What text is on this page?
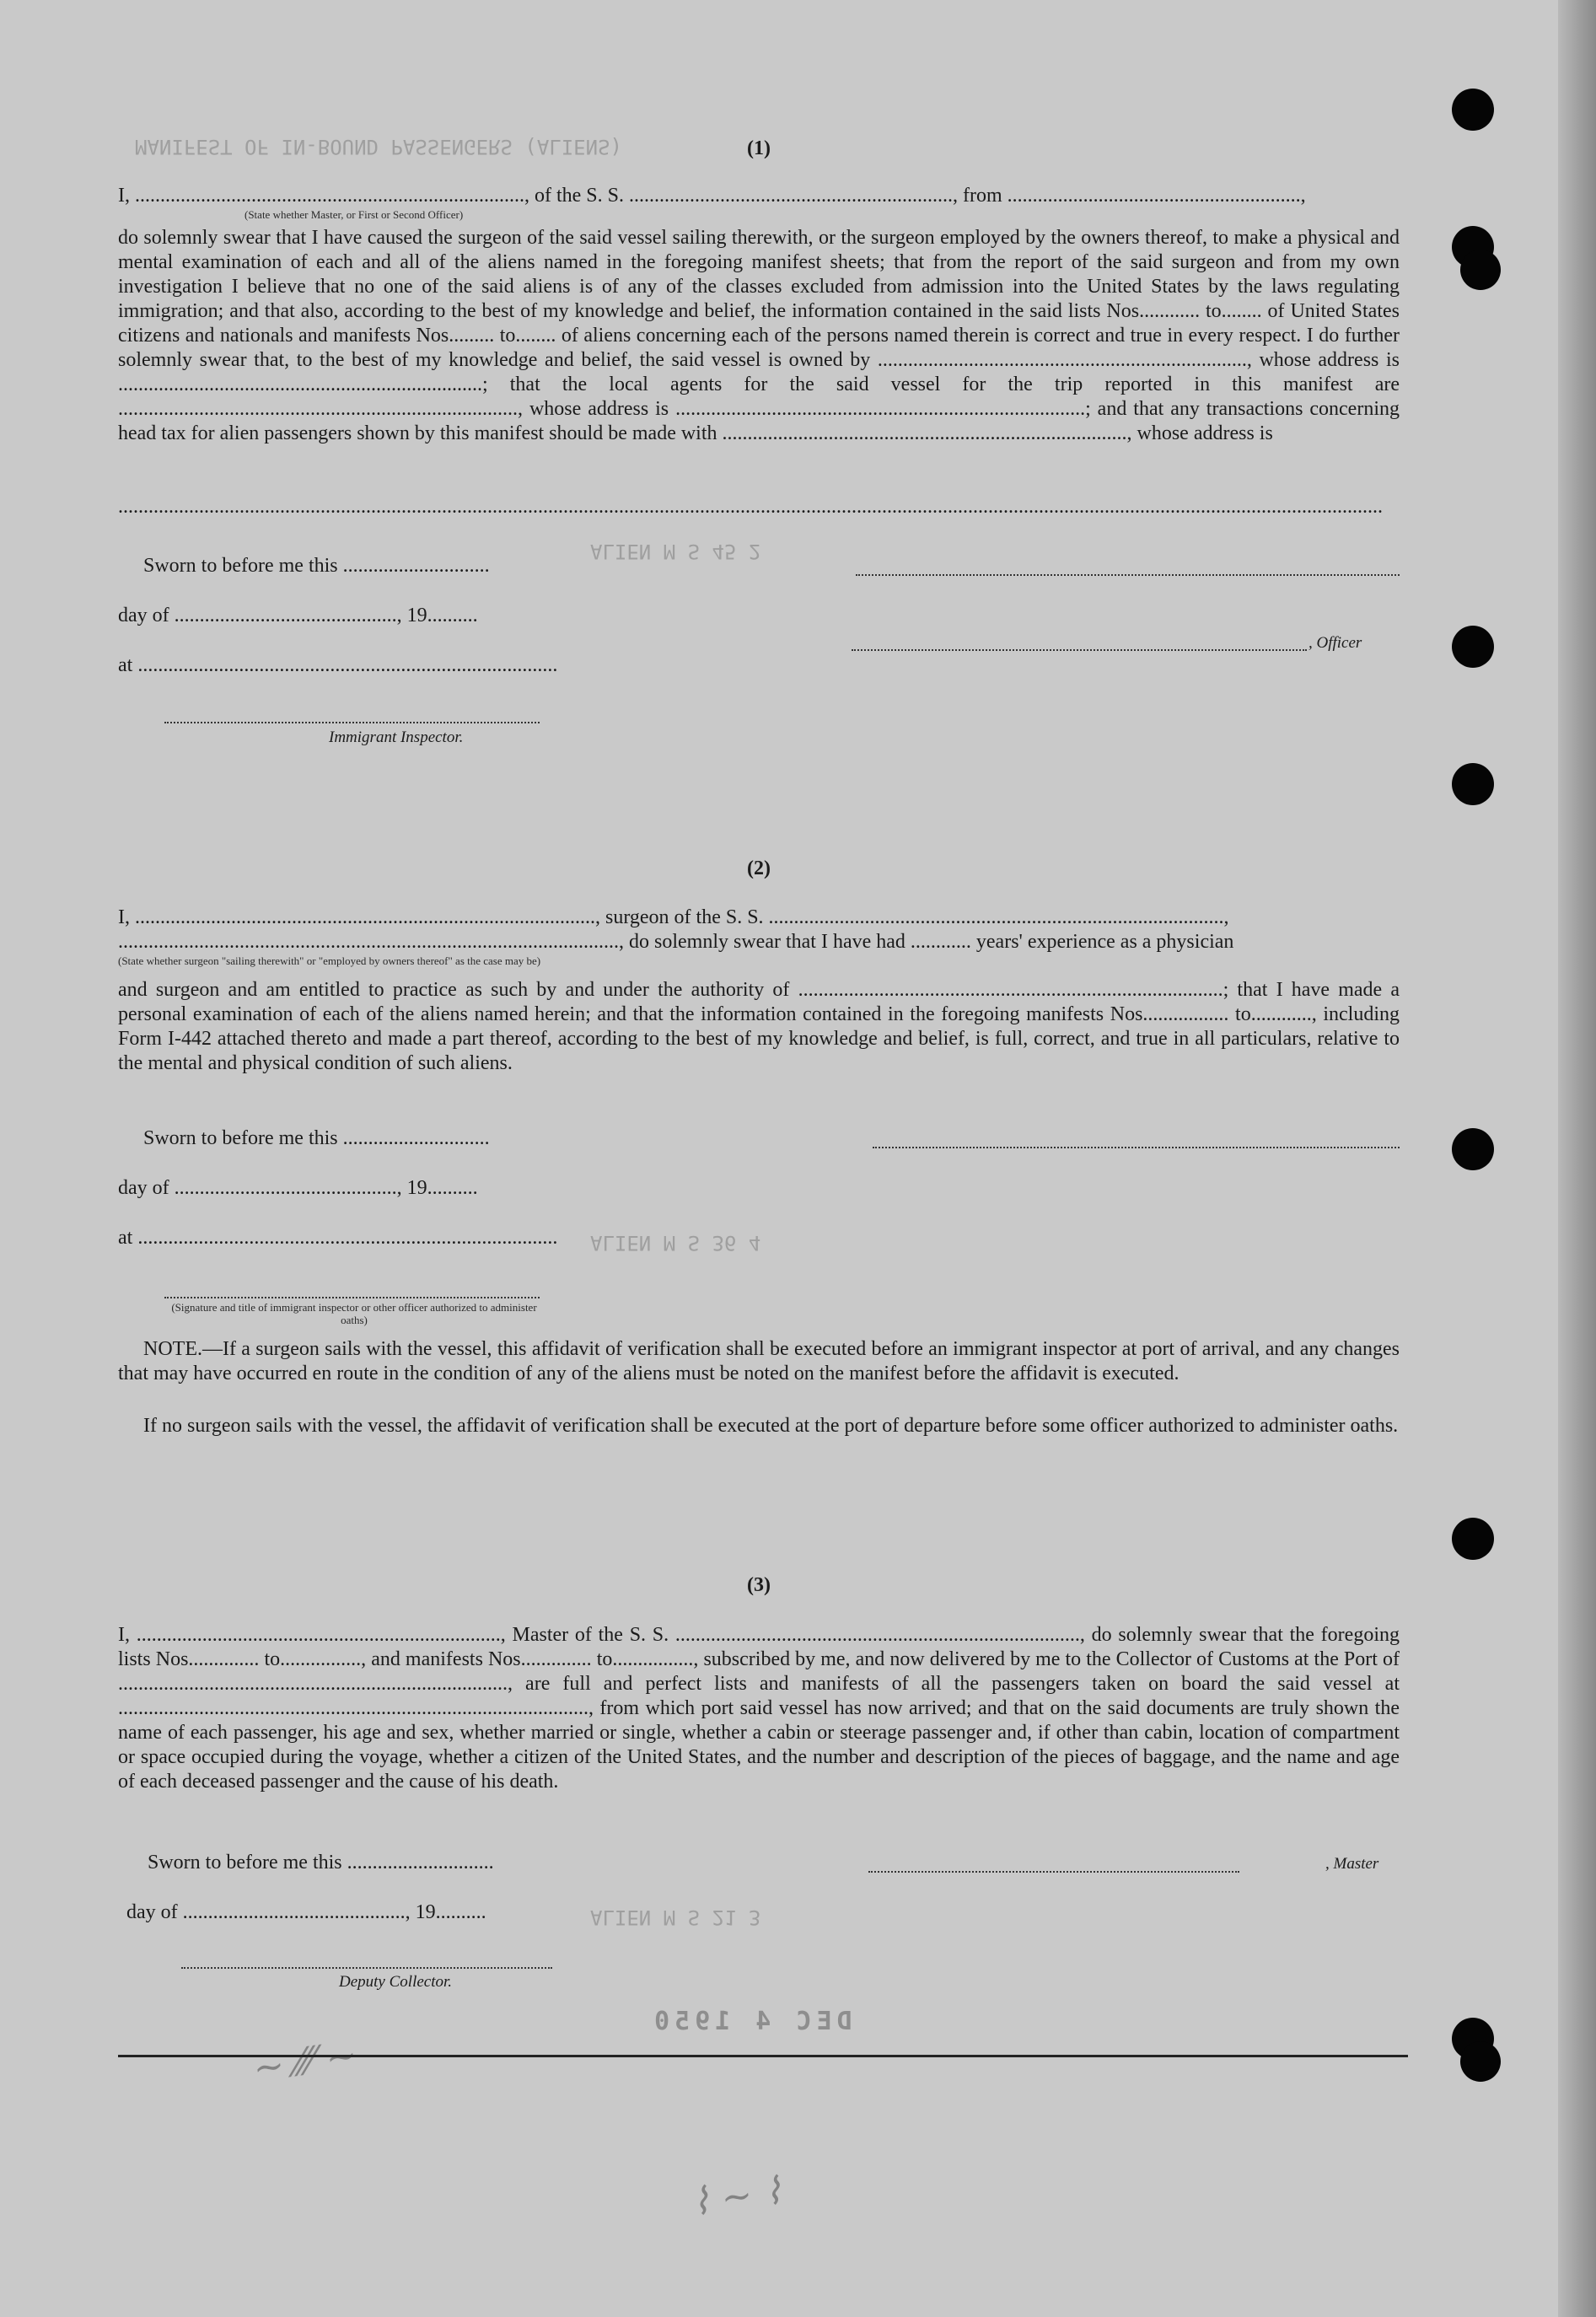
MANIFEST OF IN-BOUND PASSENGERS (ALIENS)
ALIEN M S 45 2
ALIEN M S 36 4
ALIEN M S 21 3
DEC 4 1950
~ ⁄⁄⁄ ~
⌇ ~ ⌇
(1)
I, ............................................................................., of the S. S. ................................................................, from ..........................................................,
(State whether Master, or First or Second Officer)
do solemnly swear that I have caused the surgeon of the said vessel sailing therewith, or the surgeon employed by the owners thereof, to make a physical and mental examination of each and all of the aliens named in the foregoing manifest sheets; that from the report of the said surgeon and from my own investigation I believe that no one of the said aliens is of any of the classes excluded from admission into the United States by the laws regulating immigration; and that also, according to the best of my knowledge and belief, the information contained in the said lists Nos............ to........ of United States citizens and nationals and manifests Nos......... to........ of aliens concerning each of the persons named therein is correct and true in every respect. I do further solemnly swear that, to the best of my knowledge and belief, the said vessel is owned by ........................................................................., whose address is ........................................................................; that the local agents for the said vessel for the trip reported in this manifest are ..............................................................................., whose address is .................................................................................; and that any transactions concerning head tax for alien passengers shown by this manifest should be made with ................................................................................, whose address is
..........................................................................................................................................................................................................................................................
Sworn to before me this .............................
day of ............................................, 19..........
, Officer
at ...................................................................................
Immigrant Inspector.
(2)
I, ..........................................................................................., surgeon of the S. S. ..........................................................................................,
..................................................................................................., do solemnly swear that I have had ............ years' experience as a physician
(State whether surgeon "sailing therewith" or "employed by owners thereof" as the case may be)
and surgeon and am entitled to practice as such by and under the authority of ....................................................................................; that I have made a personal examination of each of the aliens named herein; and that the information contained in the foregoing manifests Nos................. to............, including Form I-442 attached thereto and made a part thereof, according to the best of my knowledge and belief, is full, correct, and true in all particulars, relative to the mental and physical condition of such aliens.
Sworn to before me this .............................
day of ............................................, 19..........
at ...................................................................................
(Signature and title of immigrant inspector or other officer authorized to administer oaths)
NOTE.—If a surgeon sails with the vessel, this affidavit of verification shall be executed before an immigrant inspector at port of arrival, and any changes that may have occurred en route in the condition of any of the aliens must be noted on the manifest before the affidavit is executed.
If no surgeon sails with the vessel, the affidavit of verification shall be executed at the port of departure before some officer authorized to administer oaths.
(3)
I, ........................................................................, Master of the S. S. ................................................................................, do solemnly swear that the foregoing lists Nos.............. to................, and manifests Nos.............. to................, subscribed by me, and now delivered by me to the Collector of Customs at the Port of ............................................................................., are full and perfect lists and manifests of all the passengers taken on board the said vessel at ............................................................................................., from which port said vessel has now arrived; and that on the said documents are truly shown the name of each passenger, his age and sex, whether married or single, whether a cabin or steerage passenger and, if other than cabin, location of compartment or space occupied during the voyage, whether a citizen of the United States, and the number and description of the pieces of baggage, and the name and age of each deceased passenger and the cause of his death.
Sworn to before me this .............................	, Master
day of ............................................, 19..........
Deputy Collector.
